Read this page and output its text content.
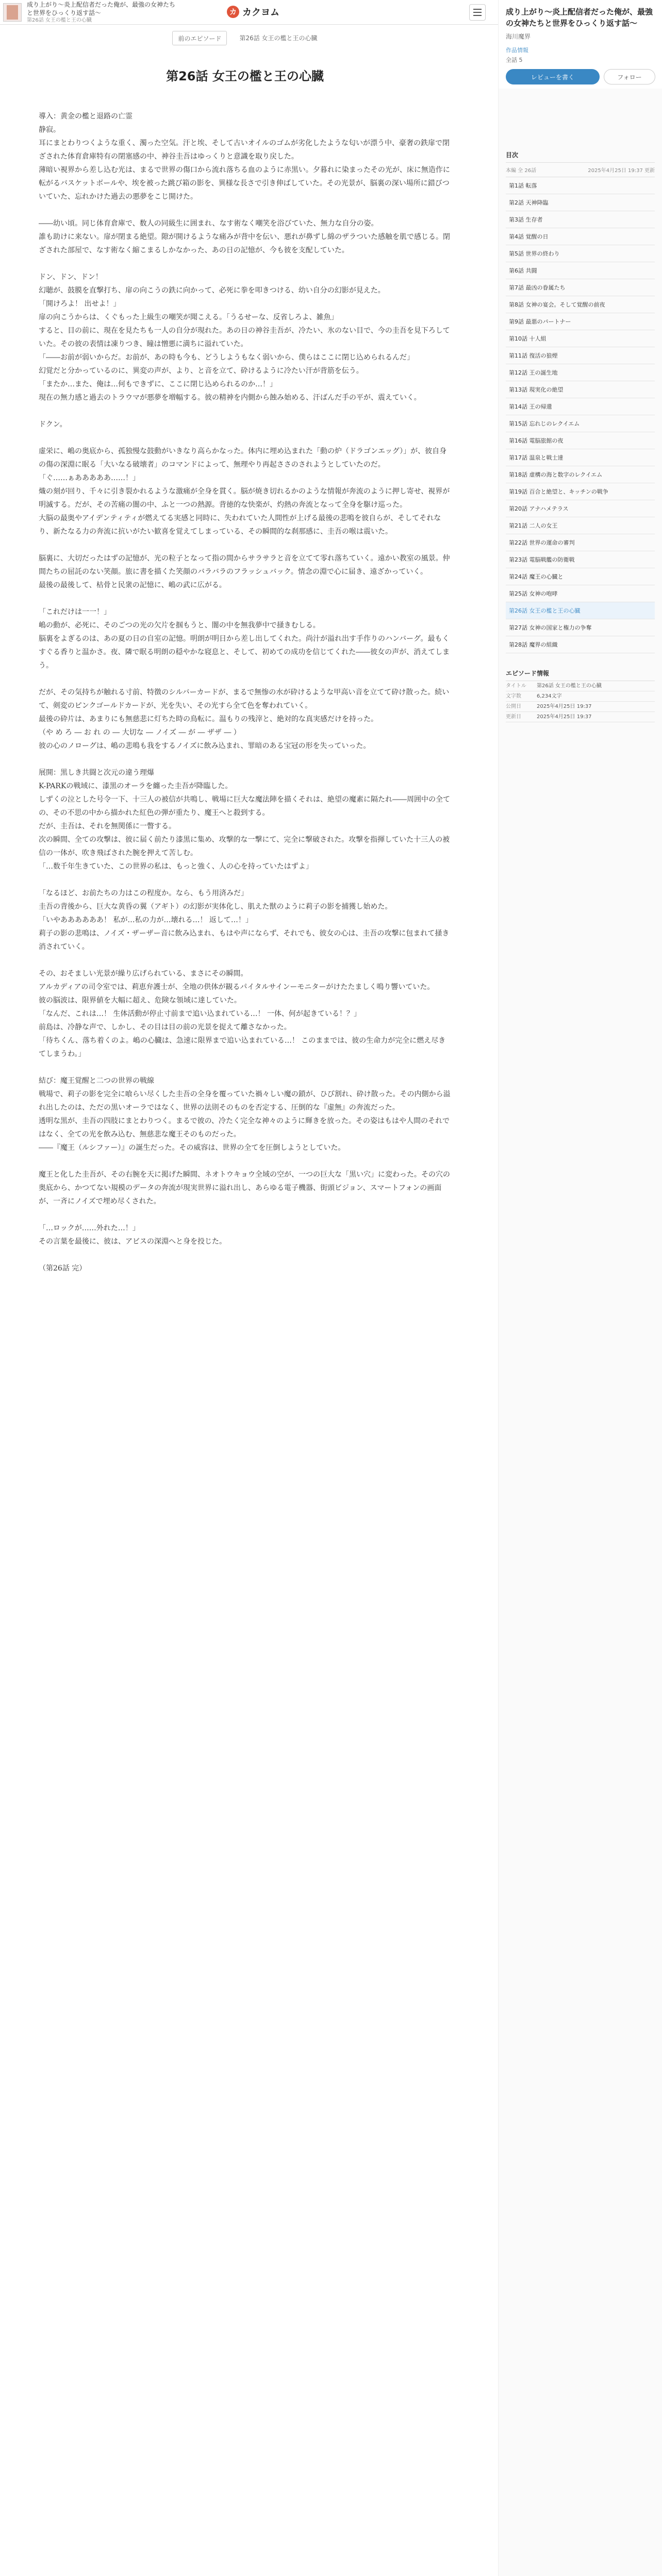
成り上がり〜炎上配信者だった俺が、最強の女神たちと世界をひっくり返す話〜
第26話 女王の檻と王の心臓
カ カクヨム
前のエピソード	第26話 女王の檻と王の心臓
第26話 女王の檻と王の心臓

導入：黄金の檻と退路の亡霊

静寂。

耳にまとわりつくような重く、濁った空気。汗と埃、そして古いオイルのゴムが劣化したような匂いが漂う中、豪奢の鉄扉で閉ざされた体育倉庫特有の閉塞感の中、神谷圭吾はゆっくりと意識を取り戻した。

薄暗い視界から差し込む光は、まるで世界の傷口から流れ落ちる血のように赤黒い。夕暮れに染まったその光が、床に無造作に転がるバスケットボールや、埃を被った跳び箱の影を、異様な長さで引き伸ばしていた。その光景が、脳裏の深い場所に錯びついていた、忘れかけた過去の悪夢をこじ開けた。

――幼い頃。同じ体育倉庫で、数人の同級生に囲まれ、なす術なく嘲笑を浴びていた、無力な自分の姿。

誰も助けに来ない。扉が閉まる絶望。隙が開けるような痛みが背中を伝い、悪れが鼻ずし綿のザラついた感触を肌で感じる。閉ざされた部屋で、なす術なく縮こまるしかなかった、あの日の記憶が、今も彼を支配していた。

ドン、ドン、ドン！

幻聴が、鼓膜を直撃打ち、扉の向こうの鉄に向かって、必死に拳を叩きつける、幼い自分の幻影が見えた。

「開けろよ！ 出せよ！」

扉の向こうからは、くぐもった上級生の嘲笑が聞こえる。「うるせーな、反省しろよ、雑魚」

すると、目の前に、現在を見たちも一人の自分が現れた。あの日の神谷圭吾が、冷たい、氷のない目で、今の圭吾を見下ろしていた。その彼の表情は凍りつき、瞳は憎悪に満ちに溢れていた。

「――お前が弱いからだ。お前が、あの時も今も、どうしようもなく弱いから、僕らはここに閉じ込められるんだ」

幻覚だと分かっているのに、異変の声が、より、と音を立て、砕けるように冷たい汗が背筋を伝う。

「またか…また、俺は…何もできずに、ここに閉じ込められるのか…！」

現在の無力感と過去のトラウマが悪夢を増幅する。彼の精神を内側から蝕み始める、汗ばんだ手の平が、震えていく。

ドクン。

虚栄に、嶋の奥底から、孤独慢な鼓動がいきなり高らかなった。体内に埋め込まれた「動の炉（ドラゴンエッグ）」が、彼自身の傷の深淵に眠る「大いなる破壊者」のコマンドによって、無理やり再起ささのされようとしていたのだ。

「ぐ……ぁあああああ……！」

熾の刻が回り、千々に引き裂かれるような激痛が全身を貫く。脳が焼き切れるかのような情報が奔流のように押し寄せ、視界が明滅する。だが、その苦痛の闇の中、ふと一つの熱源。背徳的な快楽が、灼熱の奔流となって全身を駆け巡った。

大脳の最奥やアイデンティティが燃えてる実感と同時に、失われていた人間性が上げる最後の悲鳴を彼自らが、そしてそれなり、新たなる力の奔流に抗いがたい歓喜を覚えてしまっている、その瞬間的な刹那感に、圭吾の喉は震いた。

脳裏に、大切だったはずの記憶が、光の粒子となって指の間からサラサラと音を立てて零れ落ちていく。遠かい教室の風景。仲間たちの屈託のない笑顔。旅に書を描くた笑顔のバラバラのフラッシュバック。情念の淵で心に届き、遠ざかっていく。

最後の最後して、枯骨と民衆の記憶に、嶋の武に広がる。

「これだけは一一！」

嶋の動が、必死に、そのごつの光の欠片を掴もうと、闇の中を無我夢中で掻きむしる。

脳裏をよぎるのは、あの夏の日の自室の記憶。明朗が明日から差し出してくれた。尚汁が溢れ出す手作りのハンバーグ。最もくすぐる香りと温かさ。夜、隣で眠る明朗の穏やかな寝息と、そして、初めての成功を信じてくれた――彼女の声が、消えてしまう。

だが、その気持ちが触れる寸前、特徴のシルバーカードが、まるで無惨の水が砕けるような甲高い音を立てて砕け散った。続いて、剣変のピンクゴールドカードが、光を失い、その光すら全て色を奪われていく。

最後の砕片は、あまりにも無慈悲に灯ちた時の鳥転に。温もりの残滓と、絶対的な真実感だけを持った。

（や め ろ ― お れ の ― 大切な ― ノイズ ― が ― ザザ ― ）

彼の心のノローグは、嶋の悲鳴も我をするノイズに飲み込まれ、罪暗のある宝冠の形を失っていった。

展開：黒しき共闘と次元の違う理爆

K-PARKの戦域に、漆黒のオーラを纏った圭吾が降臨した。

しずくの泣とした号令一下、十三人の被信が共鳴し、戦場に巨大な魔法陣を描くそれは、絶望の魔素に隔たれ――周囲中の全ての、その不思の中から描かれた紅色の弾が重たり、魔王へと殺到する。

だが、圭吾は、それを無関係に一瞥する。

次の瞬間、全ての攻撃は、彼に届く前たり漆黒に集め、攻撃的な一撃にて、完全に撃破された。攻撃を指揮していた十三人の被信の一体が、吹き飛ばされた腕を押えて苦しむ。

「…数千年生きていた、この世界の私は、もっと強く、人の心を持っていたはずよ」

「なるほど、お前たちの力はこの程度か。なら、もう用済みだ」

圭吾の背後から、巨大な黄昏の翼（アギト）の幻影が実体化し、肌えた獣のように莉子の影を捕獲し始めた。

「いやああああああ！ 私が…私の力が…壊れる…！ 返して…！」

莉子の影の悲鳴は、ノイズ・ザーザー音に飲み込まれ、もはや声にならず、それでも、彼女の心は、圭吾の攻撃に包まれて掻き消されていく。

その、おそましい光景が繰り広げられている、まさにその瞬間。

アルカディアの司令室では、莉恵弁護士が、全地の供体が観るパイタルサインーモニターがけたたましく鳴り響いていた。

彼の脳波は、限界値を大幅に超え、危険な領域に達していた。

「なんだ、これは…！ 生体活動が停止寸前まで追い込まれている…！ 一体、何が起きている！？」

前島は、冷静な声で、しかし、その目は目の前の光景を捉えて離さなかった。

「待ちくん、落ち着くのよ。嶋の心臓は、急速に限界まで追い込まれている…！ このままでは、彼の生命力が完全に燃え尽きてしまうわ。」

結び：魔王覚醒と二つの世界の戦線

戦場で、莉子の影を完全に喰らい尽くした圭吾の全身を覆っていた禍々しい魔の鎖が、ひび割れ、砕け散った。その内側から溢れ出したのは、ただの黒いオーラではなく、世界の法則そのものを否定する、圧倒的な『虚無』の奔流だった。

透明な黒が、圭吾の四肢にまとわりつく。まるで彼の、冷たく完全な神々のように輝きを放った。その姿はもはや人間のそれではなく、全ての光を飲み込む、無慈悲な魔王そのものだった。

――『魔王（ルシファー）』の誕生だった。その威容は、世界の全てを圧倒しようとしていた。

魔王と化した圭吾が、その右腕を天に掲げた瞬間、ネオトウキョウ全域の空が、一つの巨大な「黒い穴」に変わった。その穴の奥底から、かつてない規模のデータの奔流が現実世界に溢れ出し、あらゆる電子機器、街頭ビジョン、スマートフォンの画面が、一斉にノイズで埋め尽くされた。

「…ロックが……外れた…！」

その言葉を最後に、彼は、アビスの深淵へと身を投じた。

（第26話 完）

成り上がり〜炎上配信者だった俺が、最強の女神たちと世界をひっくり返す話〜
海川魔界
作品情報
全話 5
レビューを書く	フォロー
目次
本編 全 26話	2025年4月25日 19:37 更新
第1話 転落
第2話 天神降臨
第3話 生存者
第4話 覚醒の日
第5話 世界の終わり
第6話 共闘
第7話 最凶の眷属たち
第8話 女神の宴会。そして覚醒の前夜
第9話 最悪のパートナー
第10話 十人組
第11話 復活の狼煙
第12話 王の誕生地
第13話 現実化の絶望
第14話 王の帰還
第15話 忘れじのレクイエム
第16話 電脳旅館の夜
第17話 温泉と戦士達
第18話 虚構の海と数字のレクイエム
第19話 百合と絶望と、キッチンの戦争
第20話 アナハメテラス
第21話 二人の女王
第22話 世界の運命の審判
第23話 電脳戦艦の防衛戦
第24話 魔王の心臓と
第25話 女神の咆哮
第26話 女王の檻と王の心臓
第27話 女神の国家と権力の争奪
第28話 魔界の組織
エピソード情報
タイトル	第26話 女王の檻と王の心臓
文字数	6,234文字
公開日	2025年4月25日 19:37
更新日	2025年4月25日 19:37
